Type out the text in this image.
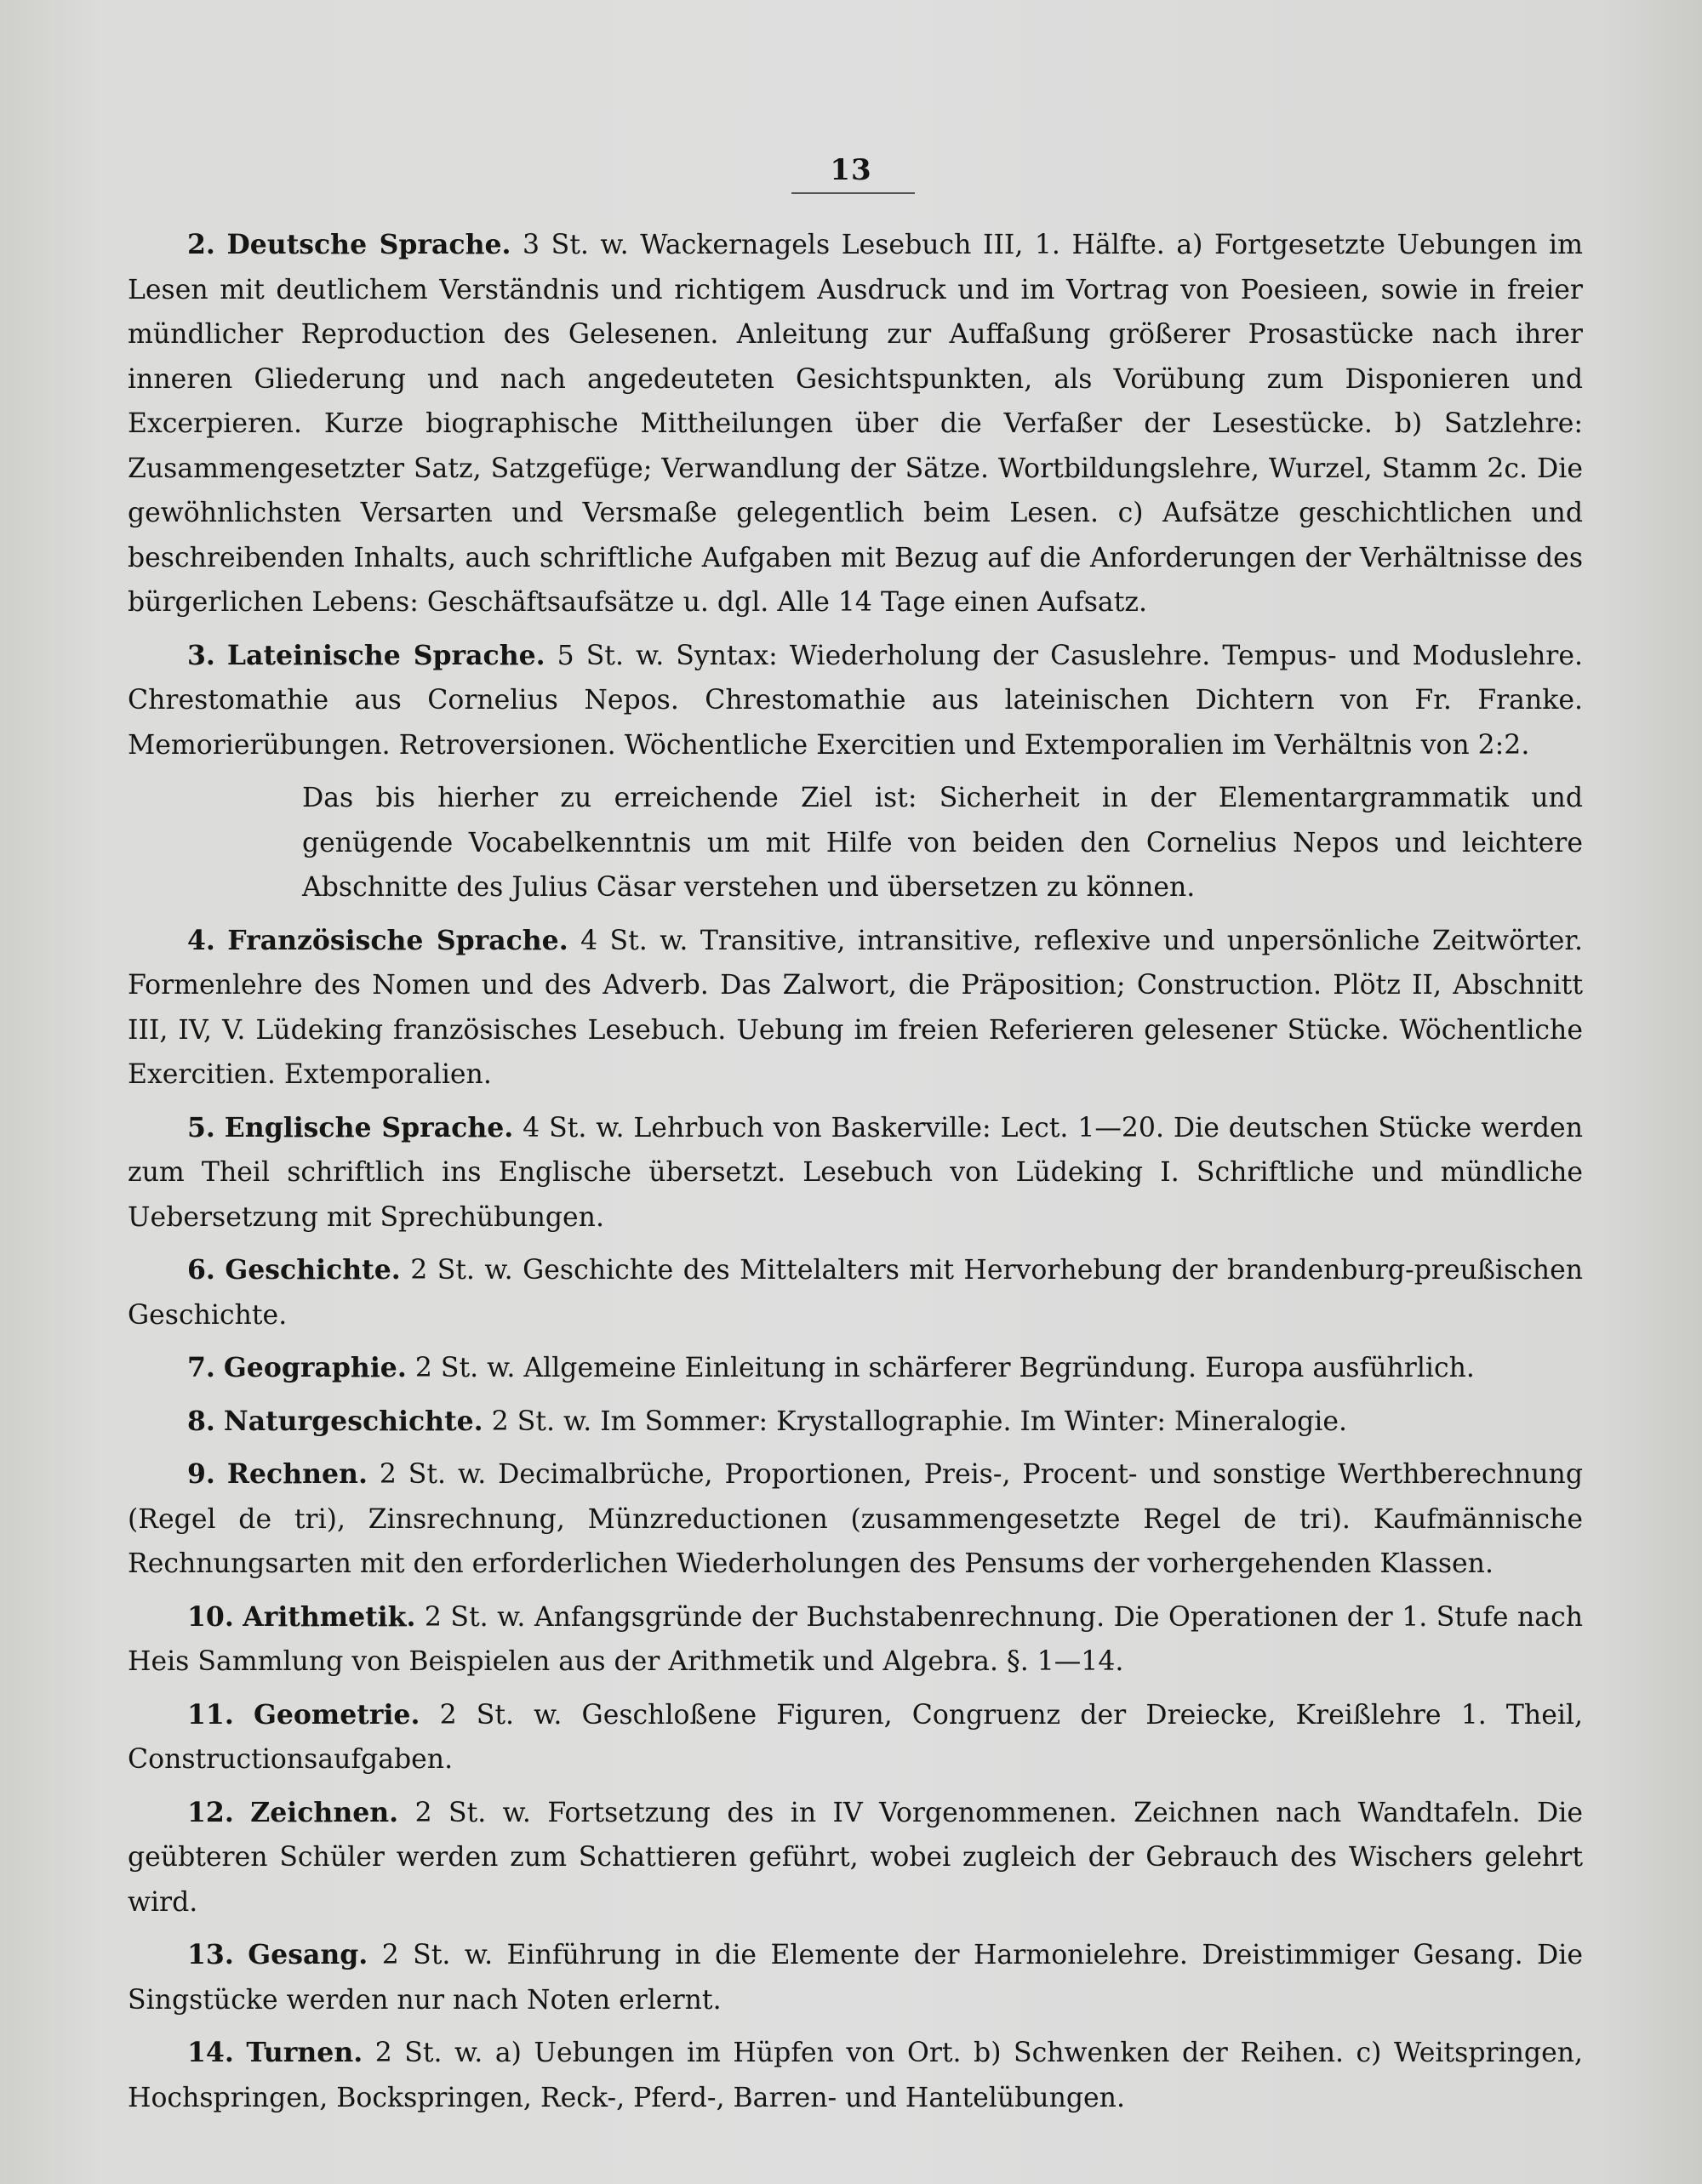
13

2. Deutsche Sprache. 3 St. w. Wackernagels Lesebuch III, 1. Hälfte. a) Fortgesetzte Uebungen im Lesen mit deutlichem Verständnis und richtigem Ausdruck und im Vortrag von Poesieen, sowie in freier mündlicher Reproduction des Gelesenen. Anleitung zur Auffaßung größerer Prosastücke nach ihrer inneren Gliederung und nach angedeuteten Gesichtspunkten, als Vorübung zum Disponieren und Excerpieren. Kurze biographische Mittheilungen über die Verfaßer der Lesestücke. b) Satzlehre: Zusammengesetzter Satz, Satzgefüge; Verwandlung der Sätze. Wortbildungslehre, Wurzel, Stamm 2c. Die gewöhnlichsten Versarten und Versmaße gelegentlich beim Lesen. c) Aufsätze geschichtlichen und beschreibenden Inhalts, auch schriftliche Aufgaben mit Bezug auf die Anforderungen der Verhältnisse des bürgerlichen Lebens: Geschäftsaufsätze u. dgl. Alle 14 Tage einen Aufsatz.

3. Lateinische Sprache. 5 St. w. Syntax: Wiederholung der Casuslehre. Tempus- und Moduslehre. Chrestomathie aus Cornelius Nepos. Chrestomathie aus lateinischen Dichtern von Fr. Franke. Memorierübungen. Retroversionen. Wöchentliche Exercitien und Extemporalien im Verhältnis von 2:2.

Das bis hierher zu erreichende Ziel ist: Sicherheit in der Elementargrammatik und genügende Vocabelkenntnis um mit Hilfe von beiden den Cornelius Nepos und leichtere Abschnitte des Julius Cäsar verstehen und übersetzen zu können.

4. Französische Sprache. 4 St. w. Transitive, intransitive, reflexive und unpersönliche Zeitwörter. Formenlehre des Nomen und des Adverb. Das Zalwort, die Präposition; Construction. Plötz II, Abschnitt III, IV, V. Lüdeking französisches Lesebuch. Uebung im freien Referieren gelesener Stücke. Wöchentliche Exercitien. Extemporalien.

5. Englische Sprache. 4 St. w. Lehrbuch von Baskerville: Lect. 1—20. Die deutschen Stücke werden zum Theil schriftlich ins Englische übersetzt. Lesebuch von Lüdeking I. Schriftliche und mündliche Uebersetzung mit Sprechübungen.

6. Geschichte. 2 St. w. Geschichte des Mittelalters mit Hervorhebung der brandenburg-preußischen Geschichte.

7. Geographie. 2 St. w. Allgemeine Einleitung in schärferer Begründung. Europa ausführlich.

8. Naturgeschichte. 2 St. w. Im Sommer: Krystallographie. Im Winter: Mineralogie.

9. Rechnen. 2 St. w. Decimalbrüche, Proportionen, Preis-, Procent- und sonstige Werthberechnung (Regel de tri), Zinsrechnung, Münzreductionen (zusammengesetzte Regel de tri). Kaufmännische Rechnungsarten mit den erforderlichen Wiederholungen des Pensums der vorhergehenden Klassen.

10. Arithmetik. 2 St. w. Anfangsgründe der Buchstabenrechnung. Die Operationen der 1. Stufe nach Heis Sammlung von Beispielen aus der Arithmetik und Algebra. §. 1—14.

11. Geometrie. 2 St. w. Geschloßene Figuren, Congruenz der Dreiecke, Kreißlehre 1. Theil, Constructionsaufgaben.

12. Zeichnen. 2 St. w. Fortsetzung des in IV Vorgenommenen. Zeichnen nach Wandtafeln. Die geübteren Schüler werden zum Schattieren geführt, wobei zugleich der Gebrauch des Wischers gelehrt wird.

13. Gesang. 2 St. w. Einführung in die Elemente der Harmonielehre. Dreistimmiger Gesang. Die Singstücke werden nur nach Noten erlernt.

14. Turnen. 2 St. w. a) Uebungen im Hüpfen von Ort. b) Schwenken der Reihen. c) Weitspringen, Hochspringen, Bockspringen, Reck-, Pferd-, Barren- und Hantelübungen.
